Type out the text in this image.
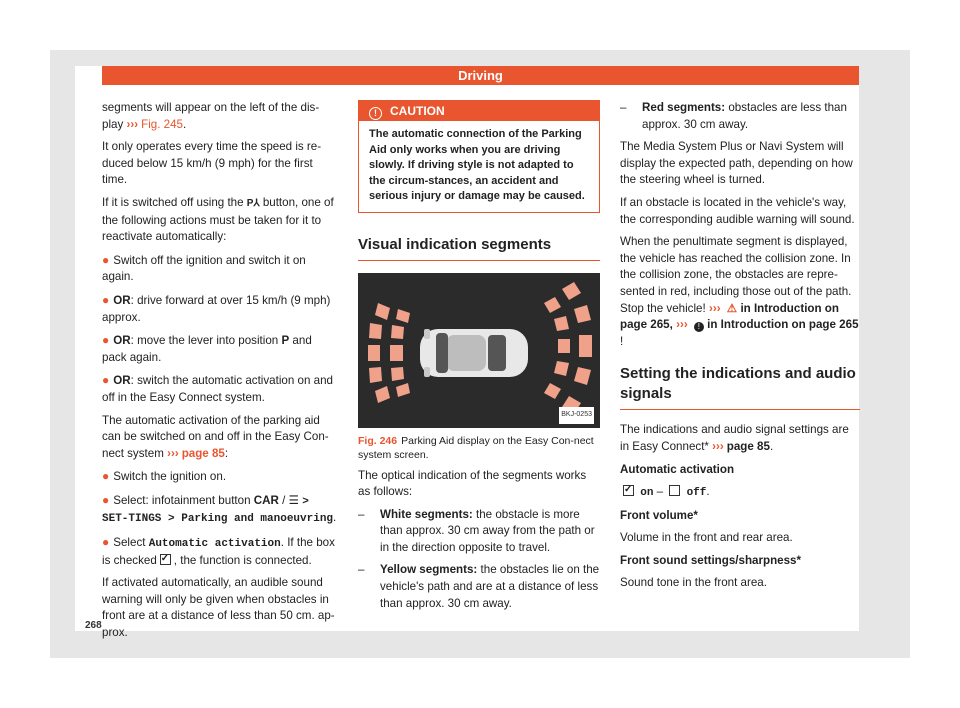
Driving

segments will appear on the left of the dis-play ››› Fig. 245.

It only operates every time the speed is re-duced below 15 km/h (9 mph) for the first time.

If it is switched off using the P⅄ button, one of the following actions must be taken for it to reactivate automatically:

● Switch off the ignition and switch it on again.

● OR: drive forward at over 15 km/h (9 mph) approx.

● OR: move the lever into position P and pack again.

● OR: switch the automatic activation on and off in the Easy Connect system.

The automatic activation of the parking aid can be switched on and off in the Easy Con-nect system ››› page 85:

● Switch the ignition on.

● Select: infotainment button CAR / ☰ > SET-TINGS > Parking and manoeuvring.

● Select Automatic activation. If the box is checked✓ , the function is connected.

If activated automatically, an audible sound warning will only be given when obstacles in front are at a distance of less than 50 cm. ap-prox.

! CAUTION
The automatic connection of the Parking Aid only works when you are driving slowly. If driving style is not adapted to the circum-stances, an accident and serious injury or damage may be caused.
Visual indication segments
BKJ-0253

Fig. 246 Parking Aid display on the Easy Con-nect system screen.

The optical indication of the segments works as follows:

– White segments: the obstacle is more than approx. 30 cm away from the path or in the direction opposite to travel.

– Yellow segments: the obstacles lie on the vehicle's path and are at a distance of less than approx. 30 cm away.

– Red segments: obstacles are less than approx. 30 cm away.

The Media System Plus or Navi System will display the expected path, depending on how the steering wheel is turned.

If an obstacle is located in the vehicle's way, the corresponding audible warning will sound.

When the penultimate segment is displayed, the vehicle has reached the collision zone. In the collision zone, the obstacles are repre-sented in red, including those out of the path. Stop the vehicle! ››› ⚠ in Introduction on page 265, ››› ! in Introduction on page 265 !

Setting the indications and audio signals

The indications and audio signal settings are in Easy Connect* ››› page 85.

Automatic activation

✓ on –  off.

Front volume*

Volume in the front and rear area.

Front sound settings/sharpness*

Sound tone in the front area.

268
